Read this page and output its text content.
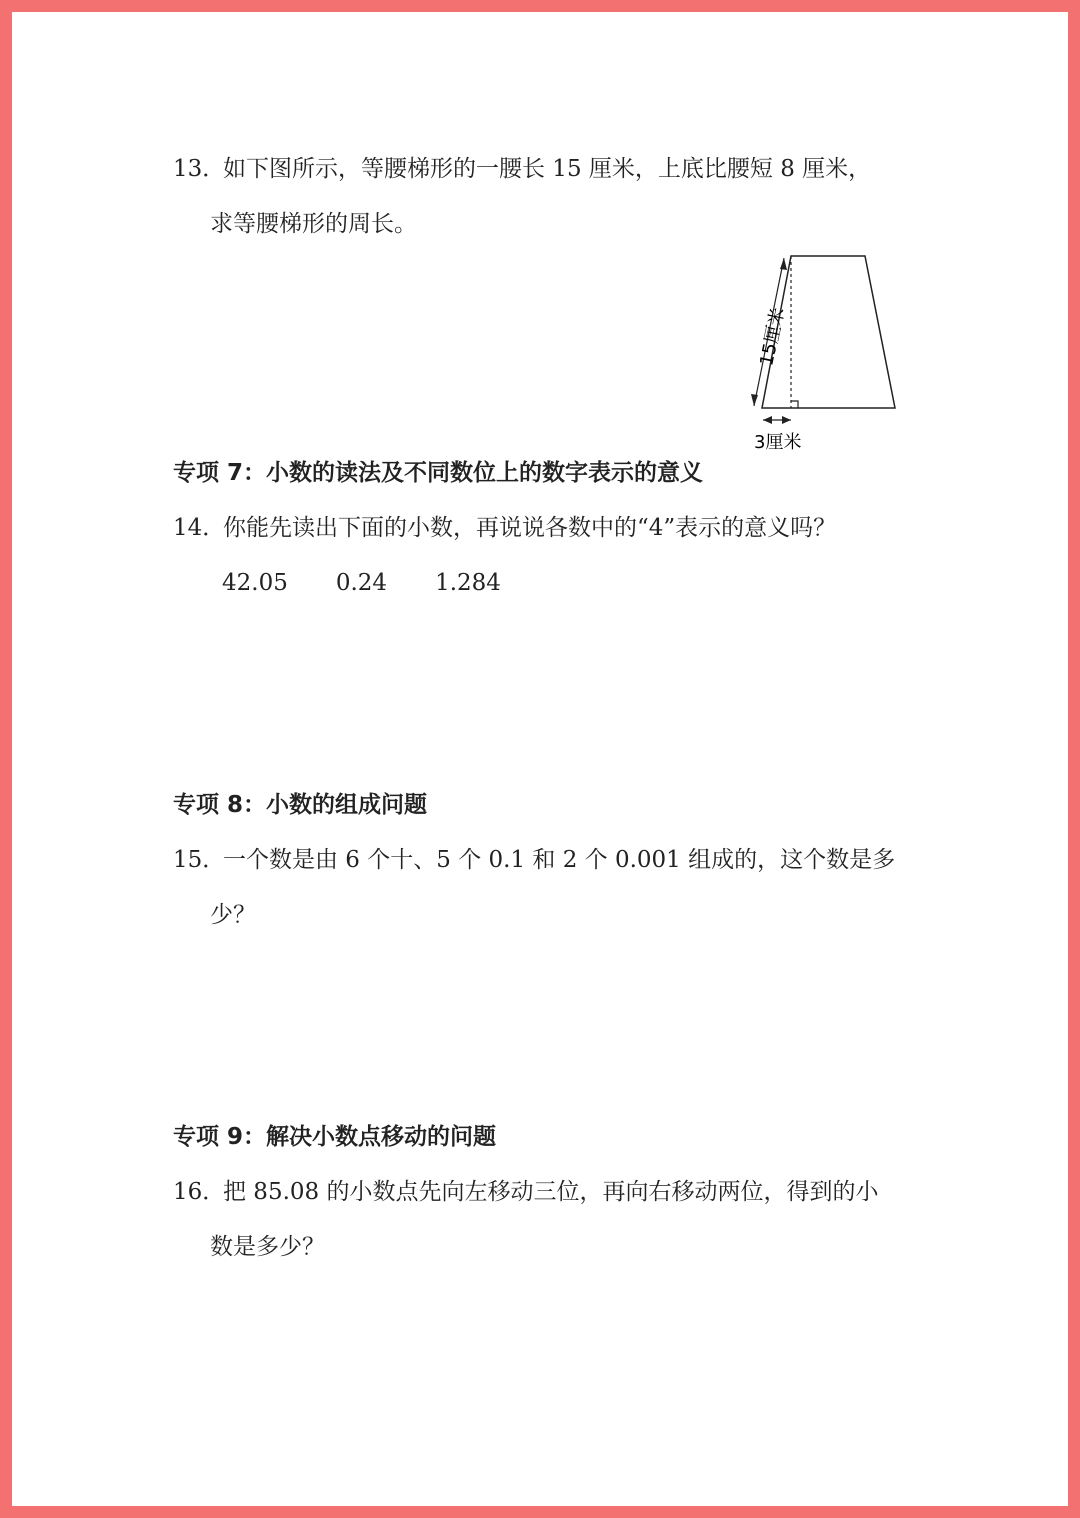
13．如下图所示，等腰梯形的一腰长 15 厘米，上底比腰短 8 厘米，
求等腰梯形的周长。
15厘米
3厘米
专项 7：小数的读法及不同数位上的数字表示的意义
14．你能先读出下面的小数，再说说各数中的“4”表示的意义吗？
42.05 0.24 1.284
专项 8：小数的组成问题
15．一个数是由 6 个十、5 个 0.1 和 2 个 0.001 组成的，这个数是多
少？
专项 9：解决小数点移动的问题
16．把 85.08 的小数点先向左移动三位，再向右移动两位，得到的小
数是多少？
